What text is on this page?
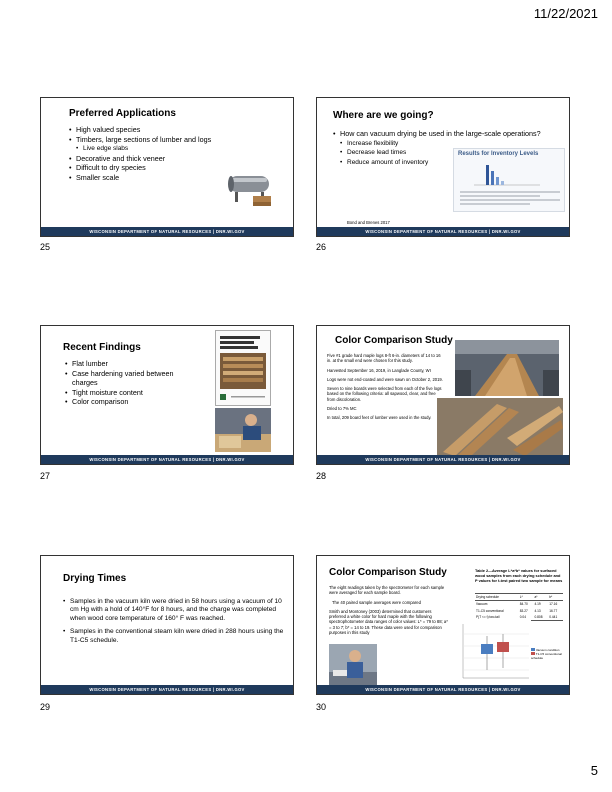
11/22/2021
Preferred Applications
• High valued species
• Timbers, large sections of lumber and logs
• Live edge slabs
• Decorative and thick veneer
• Difficult to dry species
• Smaller scale
WISCONSIN DEPARTMENT OF NATURAL RESOURCES | DNR.WI.GOV
25
Where are we going?
• How can vacuum drying be used in the large-scale operations?
• Increase flexibility
• Decrease lead times
• Reduce amount of inventory
Results for Inventory Levels
Bond and Brenes 2017
WISCONSIN DEPARTMENT OF NATURAL RESOURCES | DNR.WI.GOV
26
Recent Findings
• Flat lumber
• Case hardening varied between charges
• Tight moisture content
• Color comparison
WISCONSIN DEPARTMENT OF NATURAL RESOURCES | DNR.WI.GOV
27
Color Comparison Study

Five #1 grade hard maple logs 8-ft 6-in. diameters of 14 to 16 in. at the small end were chosen for this study.

Harvested September 16, 2019, in Langlade County, WI

Logs were not end-coated and were sawn on October 2, 2019.

Seven to nine boards were selected from each of the five logs based on the following criteria: all sapwood, clear, and free from discoloration.

Dried to 7% MC

In total, 209 board feet of lumber were used in the study.

WISCONSIN DEPARTMENT OF NATURAL RESOURCES | DNR.WI.GOV
28
Drying Times
• Samples in the vacuum kiln were dried in 58 hours using a vacuum of 10 cm Hg with a hold of 140°F for 8 hours, and the charge was completed when wood core temperature of 160° F was reached.
• Samples in the conventional steam kiln were dried in 288 hours using the T1-C5 schedule.
WISCONSIN DEPARTMENT OF NATURAL RESOURCES | DNR.WI.GOV
29
Color Comparison Study

The eight readings taken by the spectrometer for each sample were averaged for each sample board.

The 40 paired sample averages were compared

Smith and Montoney (2003) determined that customers preferred a white color for hard maple with the following spectrophotometer data ranges of color values: L* = 79 to 88; a* = 3 to 7; b* = 14 to 19. These data were used for comparison purposes in this study

Table 2—Average L*a*b* values for surfaced wood samples from each drying schedule and P values for t-test paired two sample for means
Drying schedule	L*	a*	b*
Vacuum	84.70	4.19	17.16
T1-C5 conventional	83.27	4.13	16.77
P(T <= t) two-tail	0.04	0.808	0.441
Vacuum condition
T1-C5 conventional schedule
WISCONSIN DEPARTMENT OF NATURAL RESOURCES | DNR.WI.GOV
30
5
